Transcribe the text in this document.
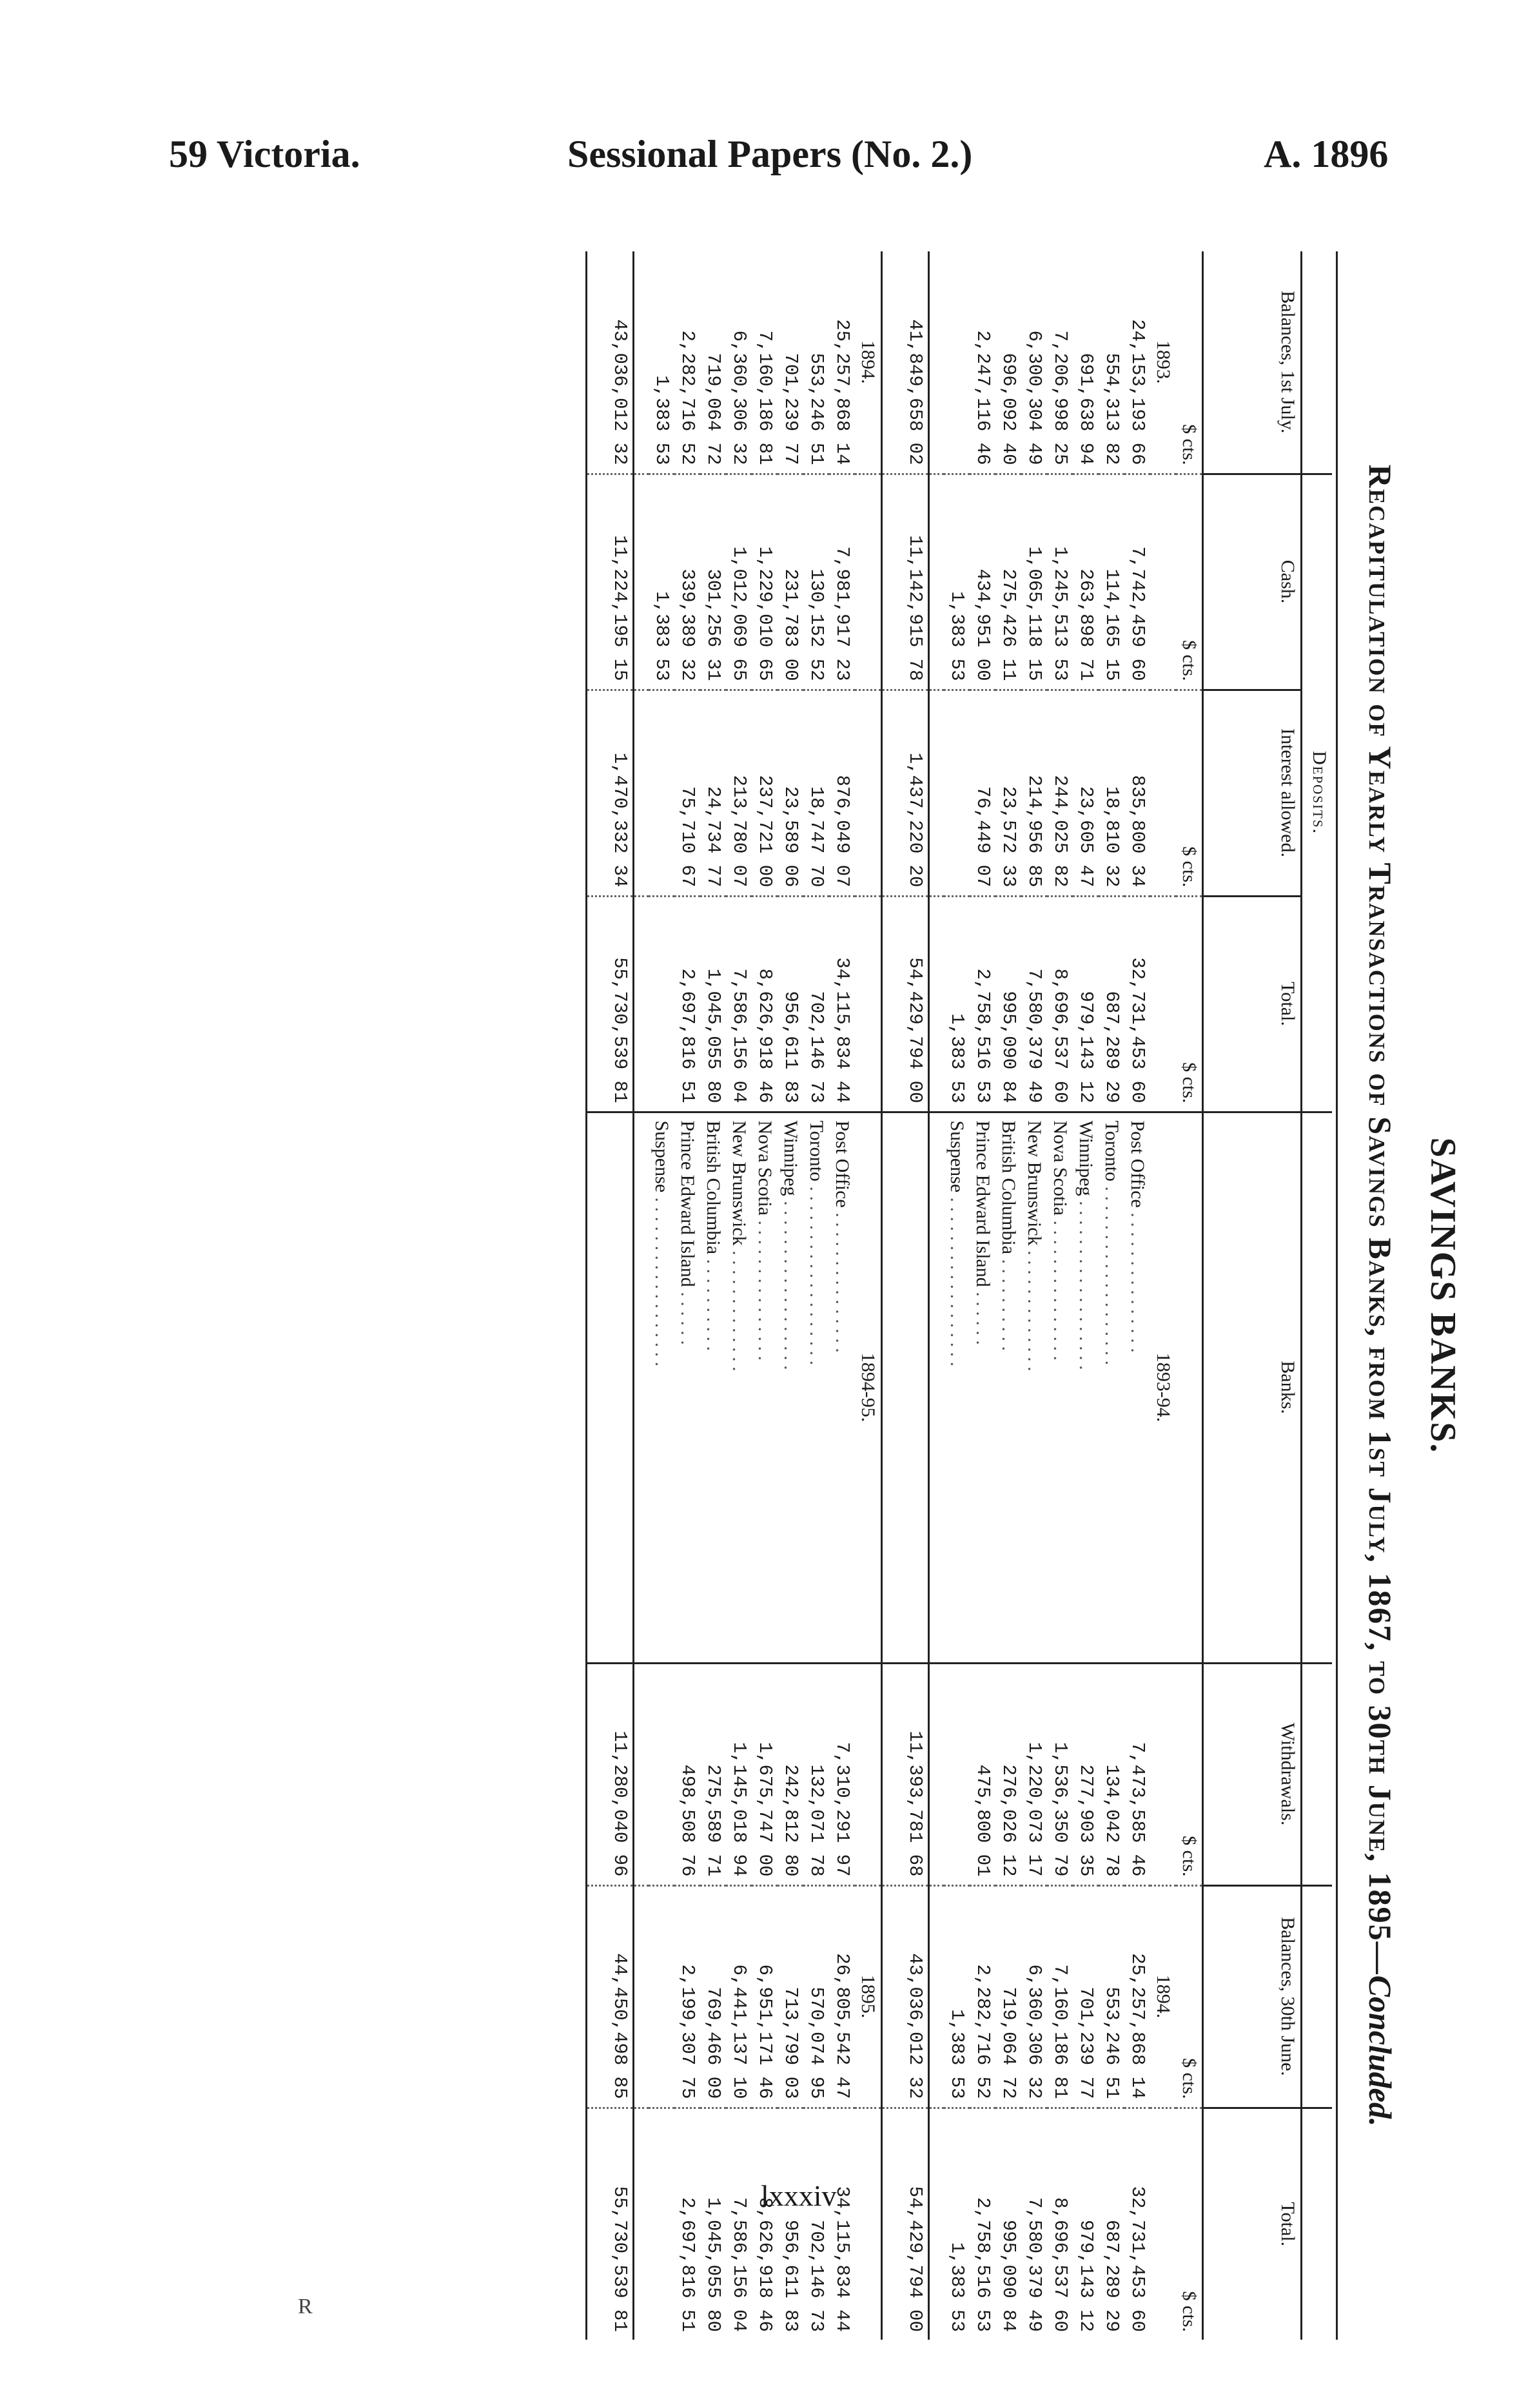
59 Victoria.	Sessional Papers (No. 2.)	A. 1896
SAVINGS BANKS.
Recapitulation of Yearly Transactions of Savings Banks, from 1st July, 1867, to 30th June, 1895—Concluded.

	Deposits.						
Balances, 1st July.	Cash.	Interest allowed.	Total.	Banks.	Withdrawals.	Balances, 30th June.	Total.
$ cts.	$ cts.	$ cts.	$ cts.		$ cts.	$ cts.	$ cts.
1893.				1893-94.		1894.	
24,153,193 66	7,742,459 60	835,800 34	32,731,453 60	Post Office . . . . . . . . . . . . . . .	7,473,585 46	25,257,868 14	32,731,453 60
554,313 82	114,165 15	18,810 32	687,289 29	Toronto . . . . . . . . . . . . . . . . . . .	134,042 78	553,246 51	687,289 29
691,638 94	263,898 71	23,605 47	979,143 12	Winnipeg . . . . . . . . . . . . . . . . . .	277,903 35	701,239 77	979,143 12
7,206,998 25	1,245,513 53	244,025 82	8,696,537 60	Nova Scotia . . . . . . . . . . . . . . .	1,536,350 79	7,160,186 81	8,696,537 60
6,300,304 49	1,065,118 15	214,956 85	7,580,379 49	New Brunswick . . . . . . . . . . . . .	1,220,073 17	6,360,306 32	7,580,379 49
696,092 40	275,426 11	23,572 33	995,090 84	British Columbia . . . . . . . . . .	276,026 12	719,064 72	995,090 84
2,247,116 46	434,951 00	76,449 07	2,758,516 53	Prince Edward Island . . . . . .	475,800 01	2,282,716 52	2,758,516 53
	1,383 53		1,383 53	Suspense . . . . . . . . . . . . . . . . . .		1,383 53	1,383 53

41,849,658 02	11,142,915 78	1,437,220 20	54,429,794 00		11,393,781 68	43,036,012 32	54,429,794 00
1894.				1894-95.		1895.	
25,257,868 14	7,981,917 23	876,049 07	34,115,834 44	Post Office . . . . . . . . . . . . . . .	7,310,291 97	26,805,542 47	34,115,834 44
553,246 51	130,152 52	18,747 70	702,146 73	Toronto . . . . . . . . . . . . . . . . . . .	132,071 78	570,074 95	702,146 73
701,239 77	231,783 00	23,589 06	956,611 83	Winnipeg . . . . . . . . . . . . . . . . . .	242,812 80	713,799 03	956,611 83
7,160,186 81	1,229,010 65	237,721 00	8,626,918 46	Nova Scotia . . . . . . . . . . . . . . .	1,675,747 00	6,951,171 46	8,626,918 46
6,360,306 32	1,012,069 65	213,780 07	7,586,156 04	New Brunswick . . . . . . . . . . . . .	1,145,018 94	6,441,137 10	7,586,156 04
719,064 72	301,256 31	24,734 77	1,045,055 80	British Columbia . . . . . . . . . .	275,589 71	769,466 09	1,045,055 80
2,282,716 52	339,389 32	75,710 67	2,697,816 51	Prince Edward Island . . . . . .	498,508 76	2,199,307 75	2,697,816 51
1,383 53	1,383 53			Suspense . . . . . . . . . . . . . . . . . .			

43,036,012 32	11,224,195 15	1,470,332 34	55,730,539 81		11,280,040 96	44,450,498 85	55,730,539 81	lxxxiv
R
